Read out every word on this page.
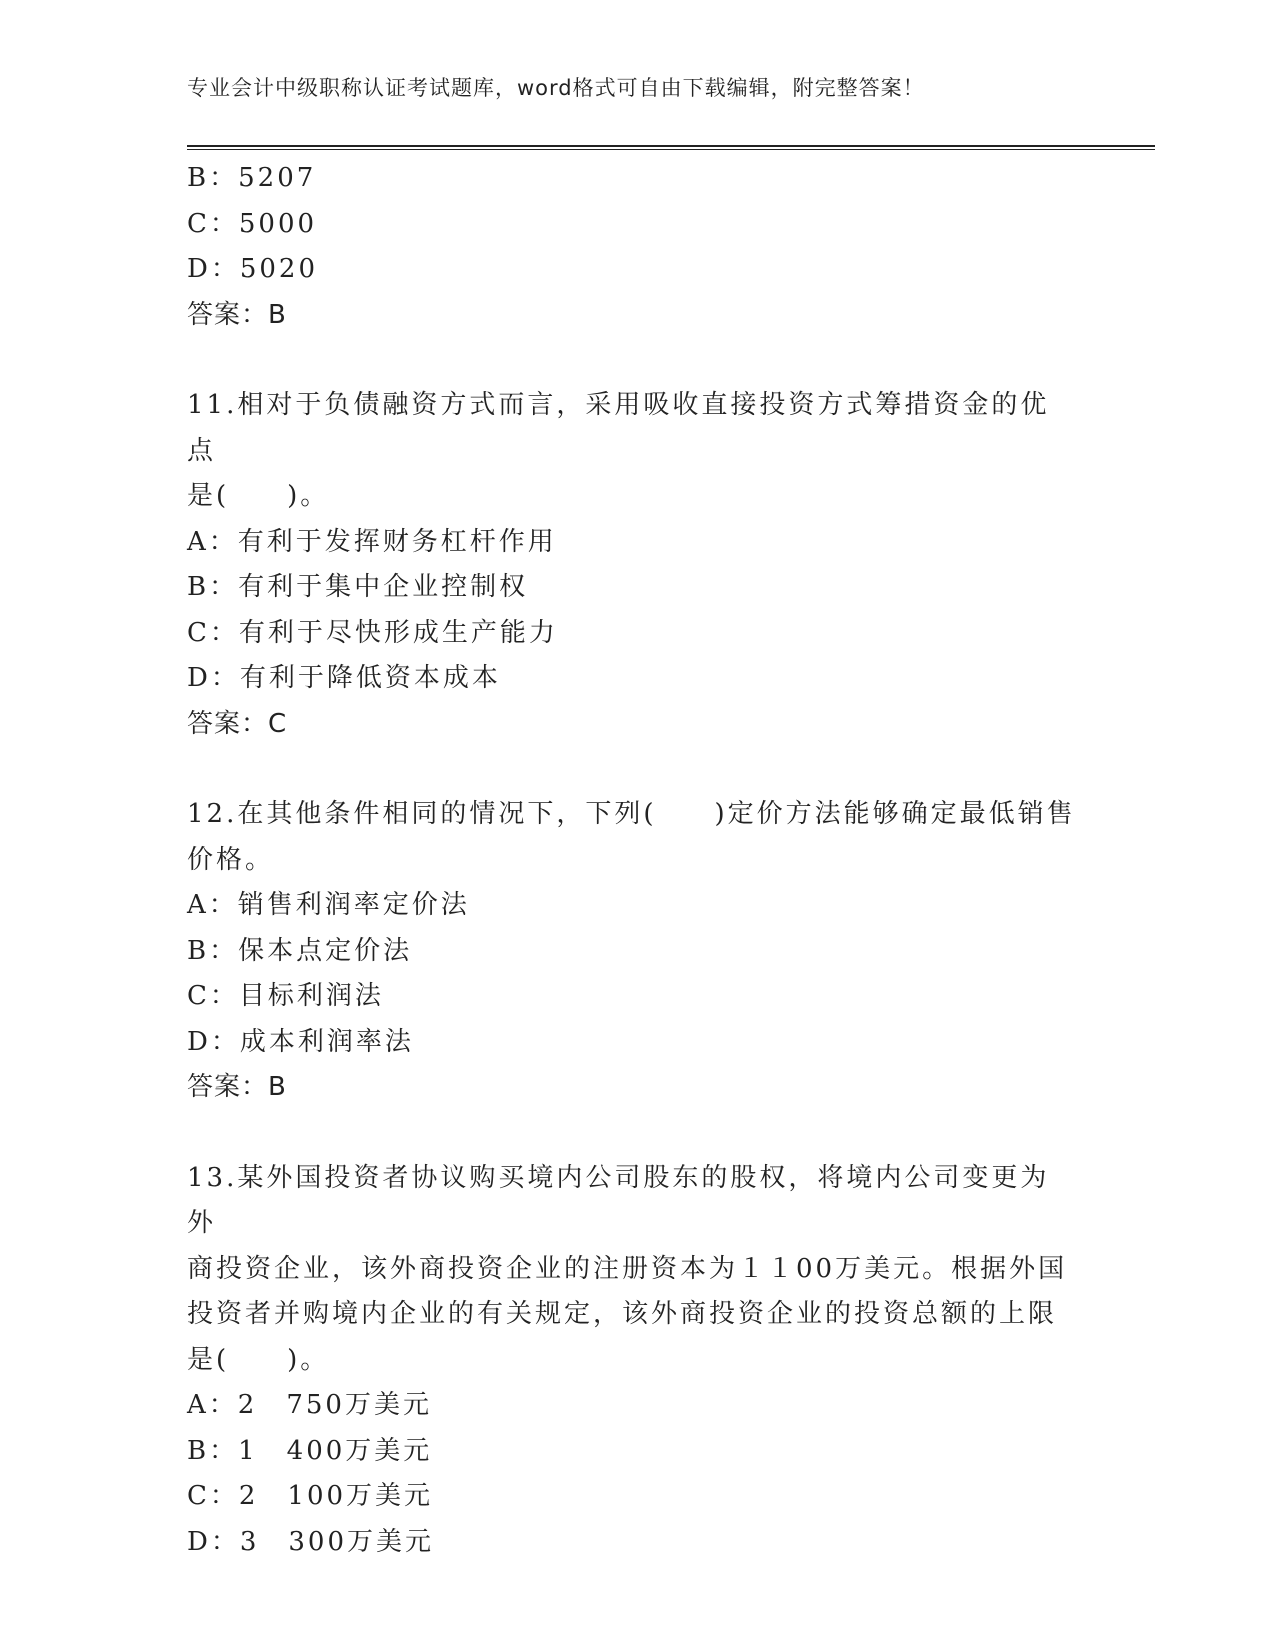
专业会计中级职称认证考试题库，word格式可自由下载编辑，附完整答案！
B：5207
C：5000
D：5020
答案：B
11.相对于负债融资方式而言，采用吸收直接投资方式筹措资金的优点
是(　　)。
A：有利于发挥财务杠杆作用
B：有利于集中企业控制权
C：有利于尽快形成生产能力
D：有利于降低资本成本
答案：C
12.在其他条件相同的情况下，下列(　　)定价方法能够确定最低销售
价格。
A：销售利润率定价法
B：保本点定价法
C：目标利润法
D：成本利润率法
答案：B
13.某外国投资者协议购买境内公司股东的股权，将境内公司变更为外
商投资企业，该外商投资企业的注册资本为１１00万美元。根据外国
投资者并购境内企业的有关规定，该外商投资企业的投资总额的上限
是(　　)。
A：2　750万美元
B：1　400万美元
C：2　100万美元
D：3　300万美元
